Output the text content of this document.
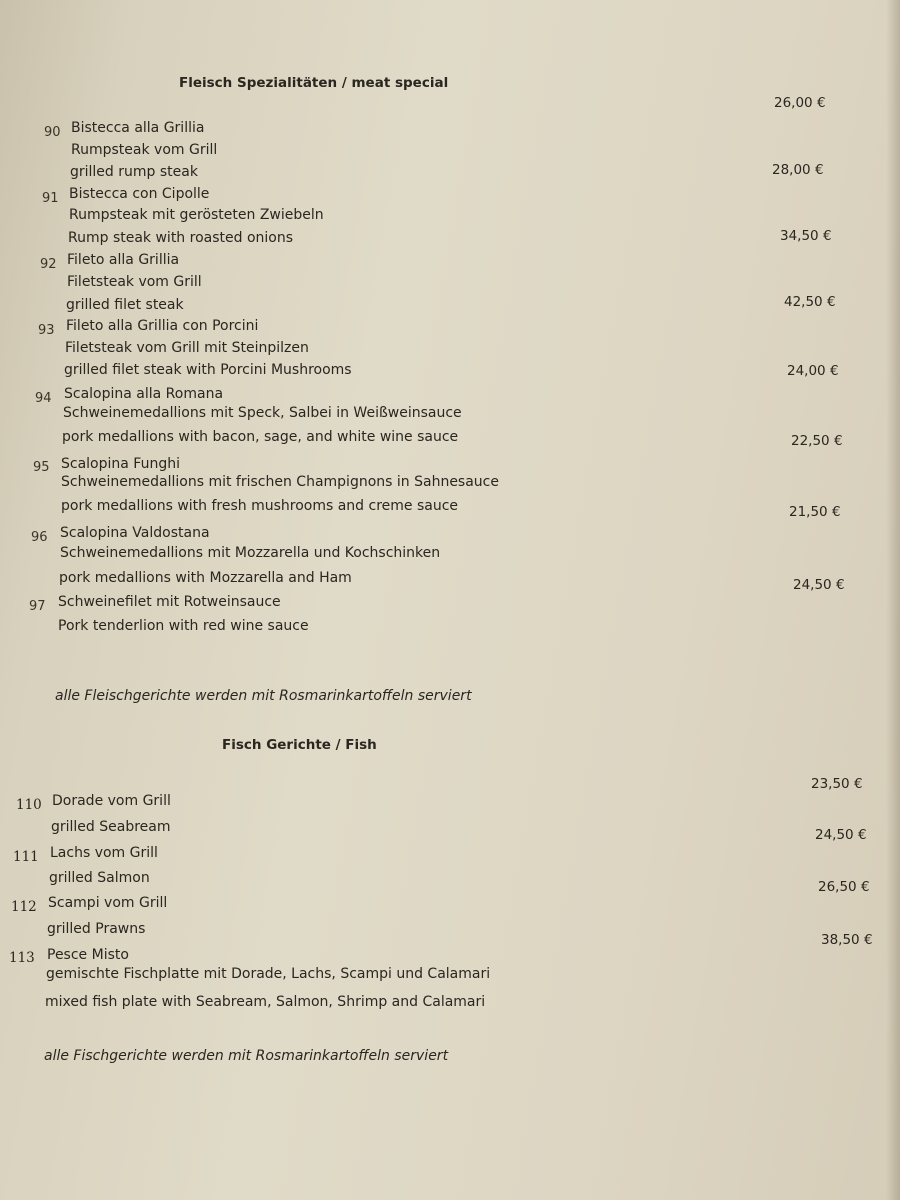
Fleisch Spezialitäten / meat special
26,00 €
28,00 €
34,50 €
42,50 €
24,00 €
22,50 €
21,50 €
24,50 €
90 Bistecca alla Grillia
Rumpsteak vom Grill
grilled rump steak
91 Bistecca con Cipolle
Rumpsteak mit gerösteten Zwiebeln
Rump steak with roasted onions
92 Fileto alla Grillia
Filetsteak vom Grill
grilled filet steak
93 Fileto alla Grillia con Porcini
Filetsteak vom Grill mit Steinpilzen
grilled filet steak with Porcini Mushrooms
94 Scalopina alla Romana
Schweinemedallions mit Speck, Salbei in Weißweinsauce
pork medallions with bacon, sage, and white wine sauce
95 Scalopina Funghi
Schweinemedallions mit frischen Champignons in Sahnesauce
pork medallions with fresh mushrooms and creme sauce
96 Scalopina Valdostana
Schweinemedallions mit Mozzarella und Kochschinken
pork medallions with Mozzarella and Ham
97 Schweinefilet mit Rotweinsauce
Pork tenderlion with red wine sauce
alle Fleischgerichte werden mit Rosmarinkartoffeln serviert
Fisch Gerichte / Fish
23,50 €
24,50 €
26,50 €
38,50 €
110 Dorade vom Grill
grilled Seabream
111 Lachs vom Grill
grilled Salmon
112 Scampi vom Grill
grilled Prawns
113 Pesce Misto
gemischte Fischplatte mit Dorade, Lachs, Scampi und Calamari
mixed fish plate with Seabream, Salmon, Shrimp and Calamari
alle Fischgerichte werden mit Rosmarinkartoffeln serviert
